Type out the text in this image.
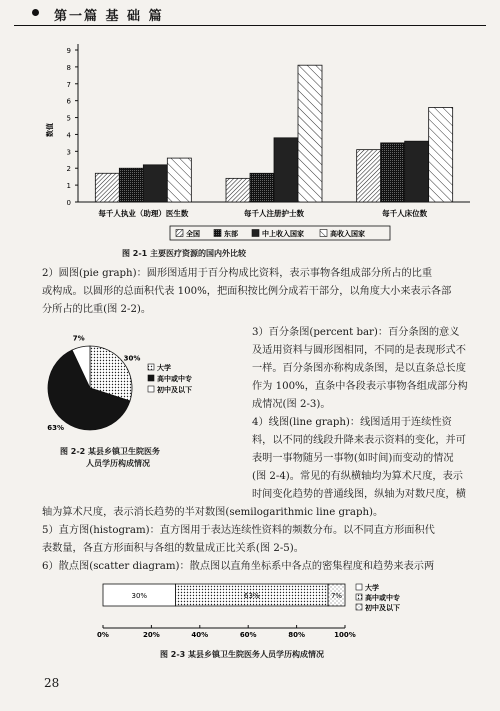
第一篇 基 础 篇
0
1
2
3
4
5
6
7
8
9
数值
每千人执业（助理）医生数	每千人注册护士数	每千人床位数
全国	东部	中上收入国家	高收入国家
图 2-1 主要医疗资源的国内外比较
2）圆图(pie graph)：圆形图适用于百分构成比资料，表示事物各组成部分所占的比重
或构成。以圆形的总面积代表 100%，把面积按比例分成若干部分，以角度大小来表示各部
分所占的比重(图 2-2)。
30%
63%
7%
大学
高中或中专
初中及以下
图 2-2 某县乡镇卫生院医务
人员学历构成情况
3）百分条图(percent bar)：百分条图的意义
及适用资料与圆形图相同，不同的是表现形式不
一样。百分条图亦称构成条图，是以直条总长度
作为 100%，直条中各段表示事物各组成部分构
成情况(图 2-3)。
4）线图(line graph)：线图适用于连续性资
料，以不同的线段升降来表示资料的变化，并可
表明一事物随另一事物(如时间)而变动的情况
(图 2-4)。常见的有纵横轴均为算术尺度，表示
时间变化趋势的普通线图，纵轴为对数尺度，横
轴为算术尺度，表示消长趋势的半对数图(semilogarithmic line graph)。
5）直方图(histogram)：直方图用于表达连续性资料的频数分布。以不同直方形面积代
表数量，各直方形面积与各组的数量成正比关系(图 2-5)。
6）散点图(scatter diagram)：散点图以直角坐标系中各点的密集程度和趋势来表示两
30%	63%	7%
0%	20%	40%	60%	80%	100%
大学
高中或中专
初中及以下
图 2-3 某县乡镇卫生院医务人员学历构成情况
28
